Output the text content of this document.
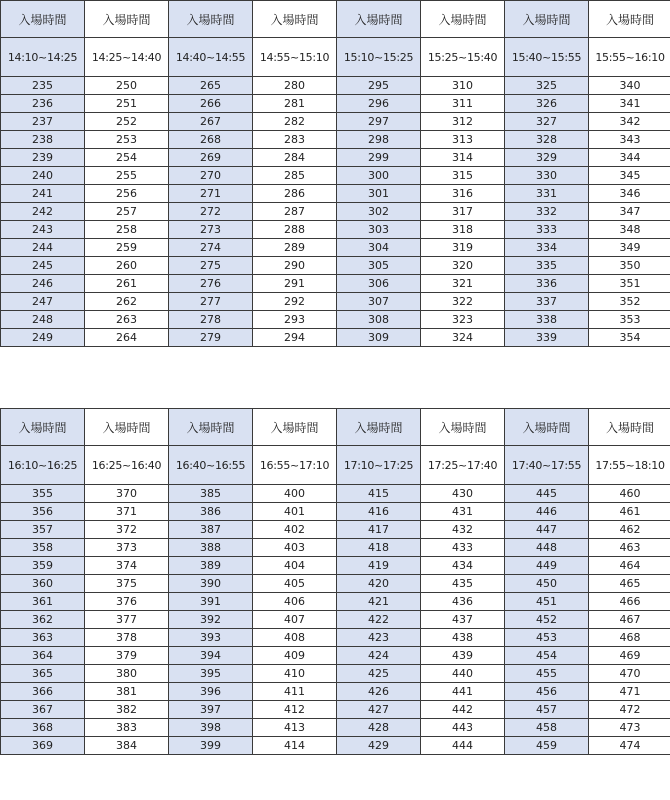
入場時間	入場時間	入場時間	入場時間	入場時間	入場時間	入場時間	入場時間
14:10~14:25	14:25~14:40	14:40~14:55	14:55~15:10	15:10~15:25	15:25~15:40	15:40~15:55	15:55~16:10
235	250	265	280	295	310	325	340
236	251	266	281	296	311	326	341
237	252	267	282	297	312	327	342
238	253	268	283	298	313	328	343
239	254	269	284	299	314	329	344
240	255	270	285	300	315	330	345
241	256	271	286	301	316	331	346
242	257	272	287	302	317	332	347
243	258	273	288	303	318	333	348
244	259	274	289	304	319	334	349
245	260	275	290	305	320	335	350
246	261	276	291	306	321	336	351
247	262	277	292	307	322	337	352
248	263	278	293	308	323	338	353
249	264	279	294	309	324	339	354
入場時間	入場時間	入場時間	入場時間	入場時間	入場時間	入場時間	入場時間
16:10~16:25	16:25~16:40	16:40~16:55	16:55~17:10	17:10~17:25	17:25~17:40	17:40~17:55	17:55~18:10
355	370	385	400	415	430	445	460
356	371	386	401	416	431	446	461
357	372	387	402	417	432	447	462
358	373	388	403	418	433	448	463
359	374	389	404	419	434	449	464
360	375	390	405	420	435	450	465
361	376	391	406	421	436	451	466
362	377	392	407	422	437	452	467
363	378	393	408	423	438	453	468
364	379	394	409	424	439	454	469
365	380	395	410	425	440	455	470
366	381	396	411	426	441	456	471
367	382	397	412	427	442	457	472
368	383	398	413	428	443	458	473
369	384	399	414	429	444	459	474
